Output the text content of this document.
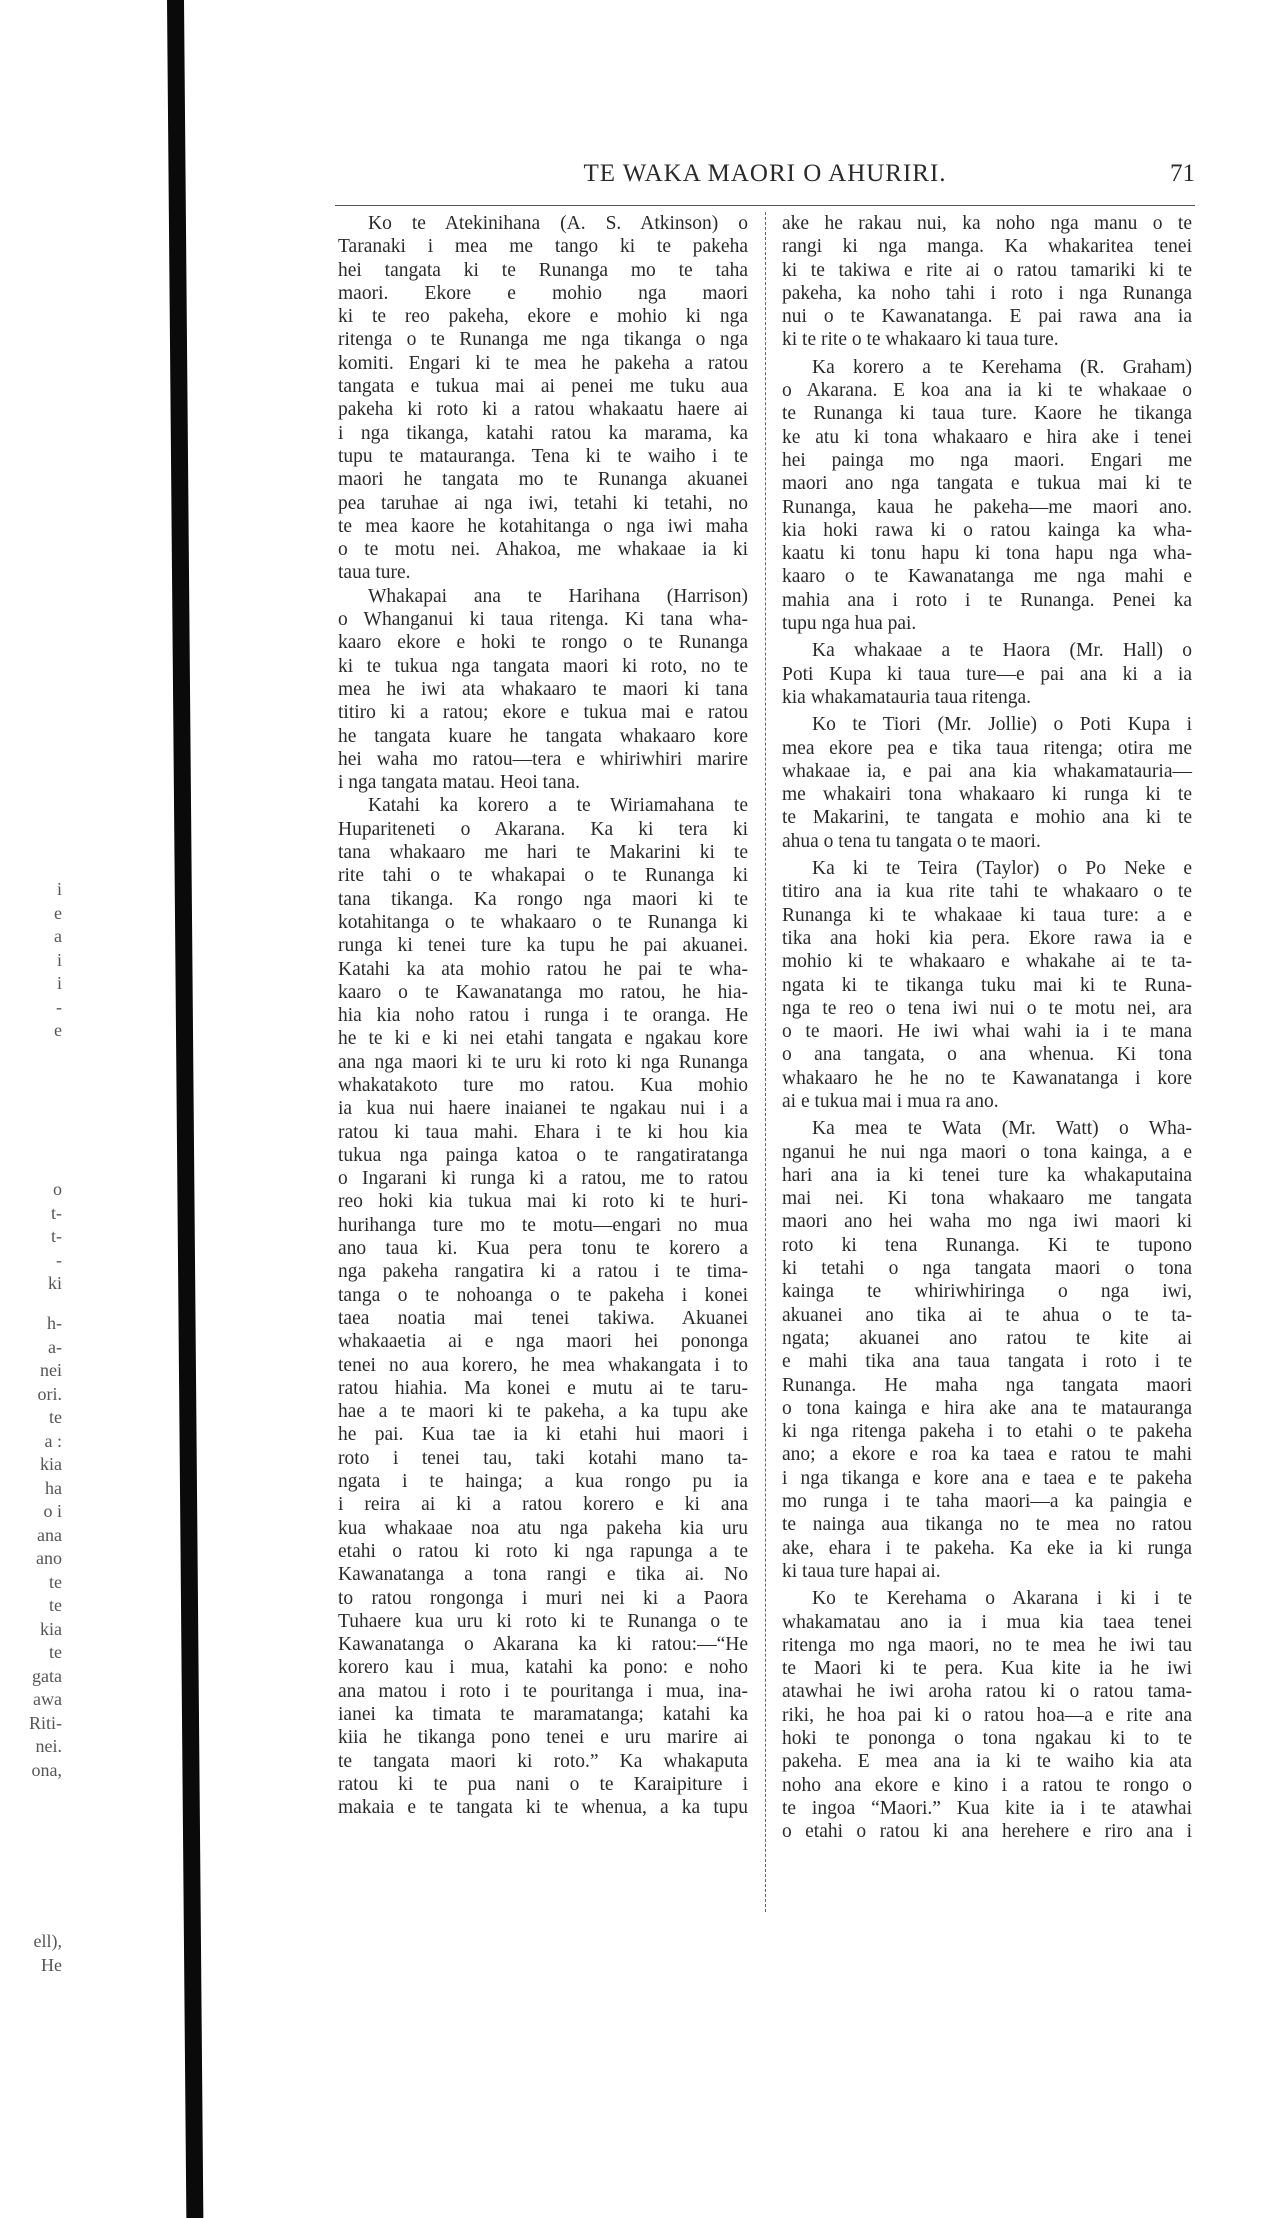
i
e
a
i
i
-
e
o
t-
t-
-
ki
h-
a-
nei
ori.
te
a :
kia
ha
o i
ana
ano
te
te
kia
te
gata
awa
Riti-
nei.
ona,
ell),
He
TE WAKA MAORI O AHURIRI.	71
Ko te Atekinihana (A. S. Atkinson) o
Taranaki i mea me tango ki te pakeha
hei tangata ki te Runanga mo te taha
maori. Ekore e mohio nga maori
ki te reo pakeha, ekore e mohio ki nga
ritenga o te Runanga me nga tikanga o nga
komiti. Engari ki te mea he pakeha a ratou
tangata e tukua mai ai penei me tuku aua
pakeha ki roto ki a ratou whakaatu haere ai
i nga tikanga, katahi ratou ka marama, ka
tupu te matauranga. Tena ki te waiho i te
maori he tangata mo te Runanga akuanei
pea taruhae ai nga iwi, tetahi ki tetahi, no
te mea kaore he kotahitanga o nga iwi maha
o te motu nei. Ahakoa, me whakaae ia ki
taua ture.
Whakapai ana te Harihana (Harrison)
o Whanganui ki taua ritenga. Ki tana wha-
kaaro ekore e hoki te rongo o te Runanga
ki te tukua nga tangata maori ki roto, no te
mea he iwi ata whakaaro te maori ki tana
titiro ki a ratou; ekore e tukua mai e ratou
he tangata kuare he tangata whakaaro kore
hei waha mo ratou—tera e whiriwhiri marire
i nga tangata matau. Heoi tana.
Katahi ka korero a te Wiriamahana te
Huparitenеti o Akarana. Ka ki tera ki
tana whakaaro me hari te Makarini ki te
rite tahi o te whakapai o te Runanga ki
tana tikanga. Ka rongo nga maori ki te
kotahitanga o te whakaaro o te Runanga ki
runga ki tenei ture ka tupu he pai akuanei.
Katahi ka ata mohio ratou he pai te wha-
kaaro o te Kawanatanga mo ratou, he hia-
hia kia noho ratou i runga i te oranga. He
he te ki e ki nei etahi tangata e ngakau kore
ana nga maori ki te uru ki roto ki nga Runanga
whakatakoto ture mo ratou. Kua mohio
ia kua nui haere inaianei te ngakau nui i a
ratou ki taua mahi. Ehara i te ki hou kia
tukua nga painga katoa o te rangatiratanga
o Ingarani ki runga ki a ratou, me to ratou
reo hoki kia tukua mai ki roto ki te huri-
hurihanga ture mo te motu—engari no mua
ano taua ki. Kua pera tonu te korero a
nga pakeha rangatira ki a ratou i te tima-
tanga o te nohoanga o te pakeha i konei
taea noatia mai tenei takiwa. Akuanei
whakaaetia ai e nga maori hei pononga
tenei no aua korero, he mea whakangata i to
ratou hiahia. Ma konei e mutu ai te taru-
hae a te maori ki te pakeha, a ka tupu ake
he pai. Kua tae ia ki etahi hui maori i
roto i tenei tau, taki kotahi mano ta-
ngata i te hainga; a kua rongo pu ia
i reira ai ki a ratou korero e ki ana
kua whakaae noa atu nga pakeha kia uru
etahi o ratou ki roto ki nga rapunga a te
Kawanatanga a tona rangi e tika ai. No
to ratou rongonga i muri nei ki a Paora
Tuhaere kua uru ki roto ki te Runanga o te
Kawanatanga o Akarana ka ki ratou:—“He
korero kau i mua, katahi ka pono: e noho
ana matou i roto i te pouritanga i mua, ina-
ianei ka timata te maramatanga; katahi ka
kiia he tikanga pono tenei e uru marire ai
te tangata maori ki roto.” Ka whakaputa
ratou ki te pua nani o te Karaipiture i
makaia e te tangata ki te whenua, a ka tupu
ake he rakau nui, ka noho nga manu o te
rangi ki nga manga. Ka whakaritea tenei
ki te takiwa e rite ai o ratou tamariki ki te
pakeha, ka noho tahi i roto i nga Runanga
nui o te Kawanatanga. E pai rawa ana ia
ki te rite o te whakaaro ki taua ture.
Ka korero a te Kerehama (R. Graham)
o Akarana. E koa ana ia ki te whakaae o
te Runanga ki taua ture. Kaore he tikanga
ke atu ki tona whakaaro e hira ake i tenei
hei painga mo nga maori. Engari me
maori ano nga tangata e tukua mai ki te
Runanga, kaua he pakeha—me maori ano.
kia hoki rawa ki o ratou kainga ka wha-
kaatu ki tonu hapu ki tona hapu nga wha-
kaaro o te Kawanatanga me nga mahi e
mahia ana i roto i te Runanga. Penei ka
tupu nga hua pai.
Ka whakaae a te Haora (Mr. Hall) o
Poti Kupa ki taua ture—e pai ana ki a ia
kia whakamatauria taua ritenga.
Ko te Tiori (Mr. Jollie) o Poti Kupa i
mea ekore pea e tika taua ritenga; otira me
whakaae ia, e pai ana kia whakamatauria—
me whakairi tona whakaaro ki runga ki te
te Makarini, te tangata e mohio ana ki te
ahua o tena tu tangata o te maori.
Ka ki te Teira (Taylor) o Po Neke e
titiro ana ia kua rite tahi te whakaaro o te
Runanga ki te whakaae ki taua ture: a e
tika ana hoki kia pera. Ekore rawa ia e
mohio ki te whakaaro e whakahe ai te ta-
ngata ki te tikanga tuku mai ki te Runa-
nga te reo o tena iwi nui o te motu nei, ara
o te maori. He iwi whai wahi ia i te mana
o ana tangata, o ana whenua. Ki tona
whakaaro he he no te Kawanatanga i kore
ai e tukua mai i mua ra ano.
Ka mea te Wata (Mr. Watt) o Wha-
nganui he nui nga maori o tona kainga, a e
hari ana ia ki tenei ture ka whakaputaina
mai nei. Ki tona whakaaro me tangata
maori ano hei waha mo nga iwi maori ki
roto ki tena Runanga. Ki te tupono
ki tetahi o nga tangata maori o tona
kainga te whiriwhiringa o nga iwi,
akuanei ano tika ai te ahua o te ta-
ngata; akuanei ano ratou te kite ai
e mahi tika ana taua tangata i roto i te
Runanga. He maha nga tangata maori
o tona kainga e hira ake ana te matauranga
ki nga ritenga pakeha i to etahi o te pakeha
ano; a ekore e roa ka taea e ratou te mahi
i nga tikanga e kore ana e taea e te pakeha
mo runga i te taha maori—a ka paingia e
te nainga aua tikanga no te mea no ratou
ake, ehara i te pakeha. Ka eke ia ki runga
ki taua ture hapai ai.
Ko te Kerehama o Akarana i ki i te
whakamatau ano ia i mua kia taea tenei
ritenga mo nga maori, no te mea he iwi tau
te Maori ki te pera. Kua kite ia he iwi
atawhai he iwi aroha ratou ki o ratou tama-
riki, he hoa pai ki o ratou hoa—a e rite ana
hoki te pononga o tona ngakau ki to te
pakeha. E mea ana ia ki te waiho kia ata
noho ana ekore e kino i a ratou te rongo o
te ingoa “Maori.” Kua kite ia i te atawhai
o etahi o ratou ki ana herehere e riro ana i
